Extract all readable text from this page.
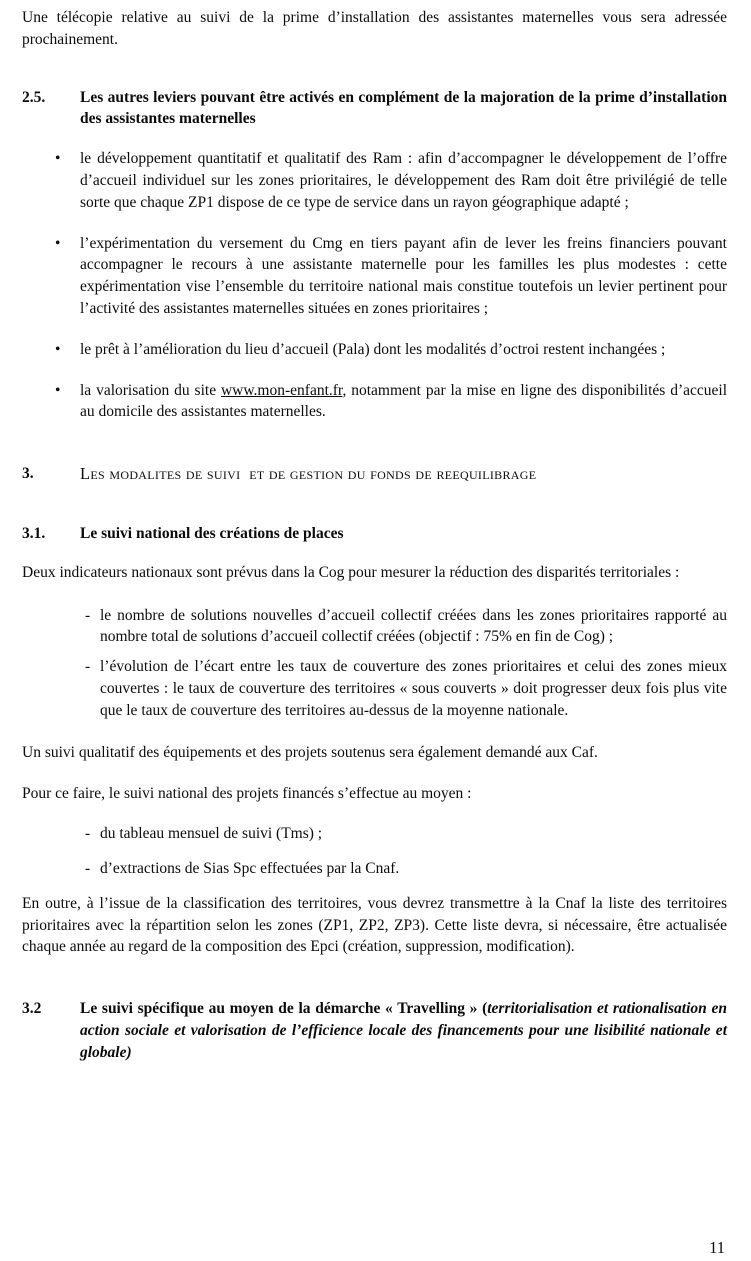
Une télécopie relative au suivi de la prime d’installation des assistantes maternelles vous sera adressée prochainement.

2.5.	Les autres leviers pouvant être activés en complément de la majoration de la prime d’installation des assistantes maternelles
• le développement quantitatif et qualitatif des Ram : afin d’accompagner le développement de l’offre d’accueil individuel sur les zones prioritaires, le développement des Ram doit être privilégié de telle sorte que chaque ZP1 dispose de ce type de service dans un rayon géographique adapté ;
• l’expérimentation du versement du Cmg en tiers payant afin de lever les freins financiers pouvant accompagner le recours à une assistante maternelle pour les familles les plus modestes : cette expérimentation vise l’ensemble du territoire national mais constitue toutefois un levier pertinent pour l’activité des assistantes maternelles situées en zones prioritaires ;
• le prêt à l’amélioration du lieu d’accueil (Pala) dont les modalités d’octroi restent inchangées ;
• la valorisation du site www.mon-enfant.fr, notamment par la mise en ligne des disponibilités d’accueil au domicile des assistantes maternelles.
3.	Les modalites de suivi  et de gestion du fonds de reequilibrage
3.1.	Le suivi national des créations de places

Deux indicateurs nationaux sont prévus dans la Cog pour mesurer la réduction des disparités territoriales :

- le nombre de solutions nouvelles d’accueil collectif créées dans les zones prioritaires rapporté au nombre total de solutions d’accueil collectif créées (objectif : 75% en fin de Cog) ;
- l’évolution de l’écart entre les taux de couverture des zones prioritaires et celui des zones mieux couvertes : le taux de couverture des territoires « sous couverts » doit progresser deux fois plus vite que le taux de couverture des territoires au-dessus de la moyenne nationale.

Un suivi qualitatif des équipements et des projets soutenus sera également demandé aux Caf.

Pour ce faire, le suivi national des projets financés s’effectue au moyen :

- du tableau mensuel de suivi (Tms) ;
- d’extractions de Sias Spc effectuées par la Cnaf.

En outre, à l’issue de la classification des territoires, vous devrez transmettre à la Cnaf la liste des territoires prioritaires avec la répartition selon les zones (ZP1, ZP2, ZP3). Cette liste devra, si nécessaire, être actualisée chaque année au regard de la composition des Epci (création, suppression, modification).

3.2	Le suivi spécifique au moyen de la démarche « Travelling » (territorialisation et rationalisation en action sociale et valorisation de l’efficience locale des financements pour une lisibilité nationale et globale)
11
